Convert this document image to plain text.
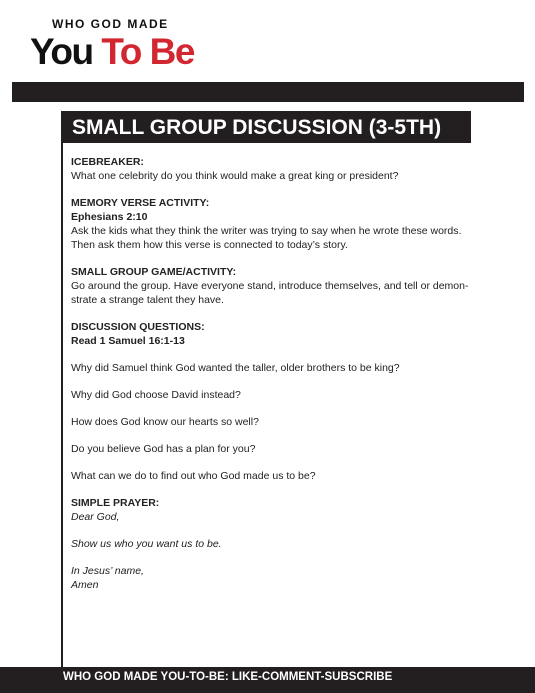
WHO GOD MADE
You To Be
SMALL GROUP DISCUSSION (3-5TH)

ICEBREAKER:

What one celebrity do you think would make a great king or president?

MEMORY VERSE ACTIVITY:

Ephesians 2:10

Ask the kids what they think the writer was trying to say when he wrote these words.

Then ask them how this verse is connected to today’s story.

SMALL GROUP GAME/ACTIVITY:

Go around the group. Have everyone stand, introduce themselves, and tell or demon-

strate a strange talent they have.

DISCUSSION QUESTIONS:

Read 1 Samuel 16:1-13

Why did Samuel think God wanted the taller, older brothers to be king?

Why did God choose David instead?

How does God know our hearts so well?

Do you believe God has a plan for you?

What can we do to find out who God made us to be?

SIMPLE PRAYER:

Dear God,

Show us who you want us to be.

In Jesus’ name,

Amen

WHO GOD MADE YOU-TO-BE: LIKE-COMMENT-SUBSCRIBE
